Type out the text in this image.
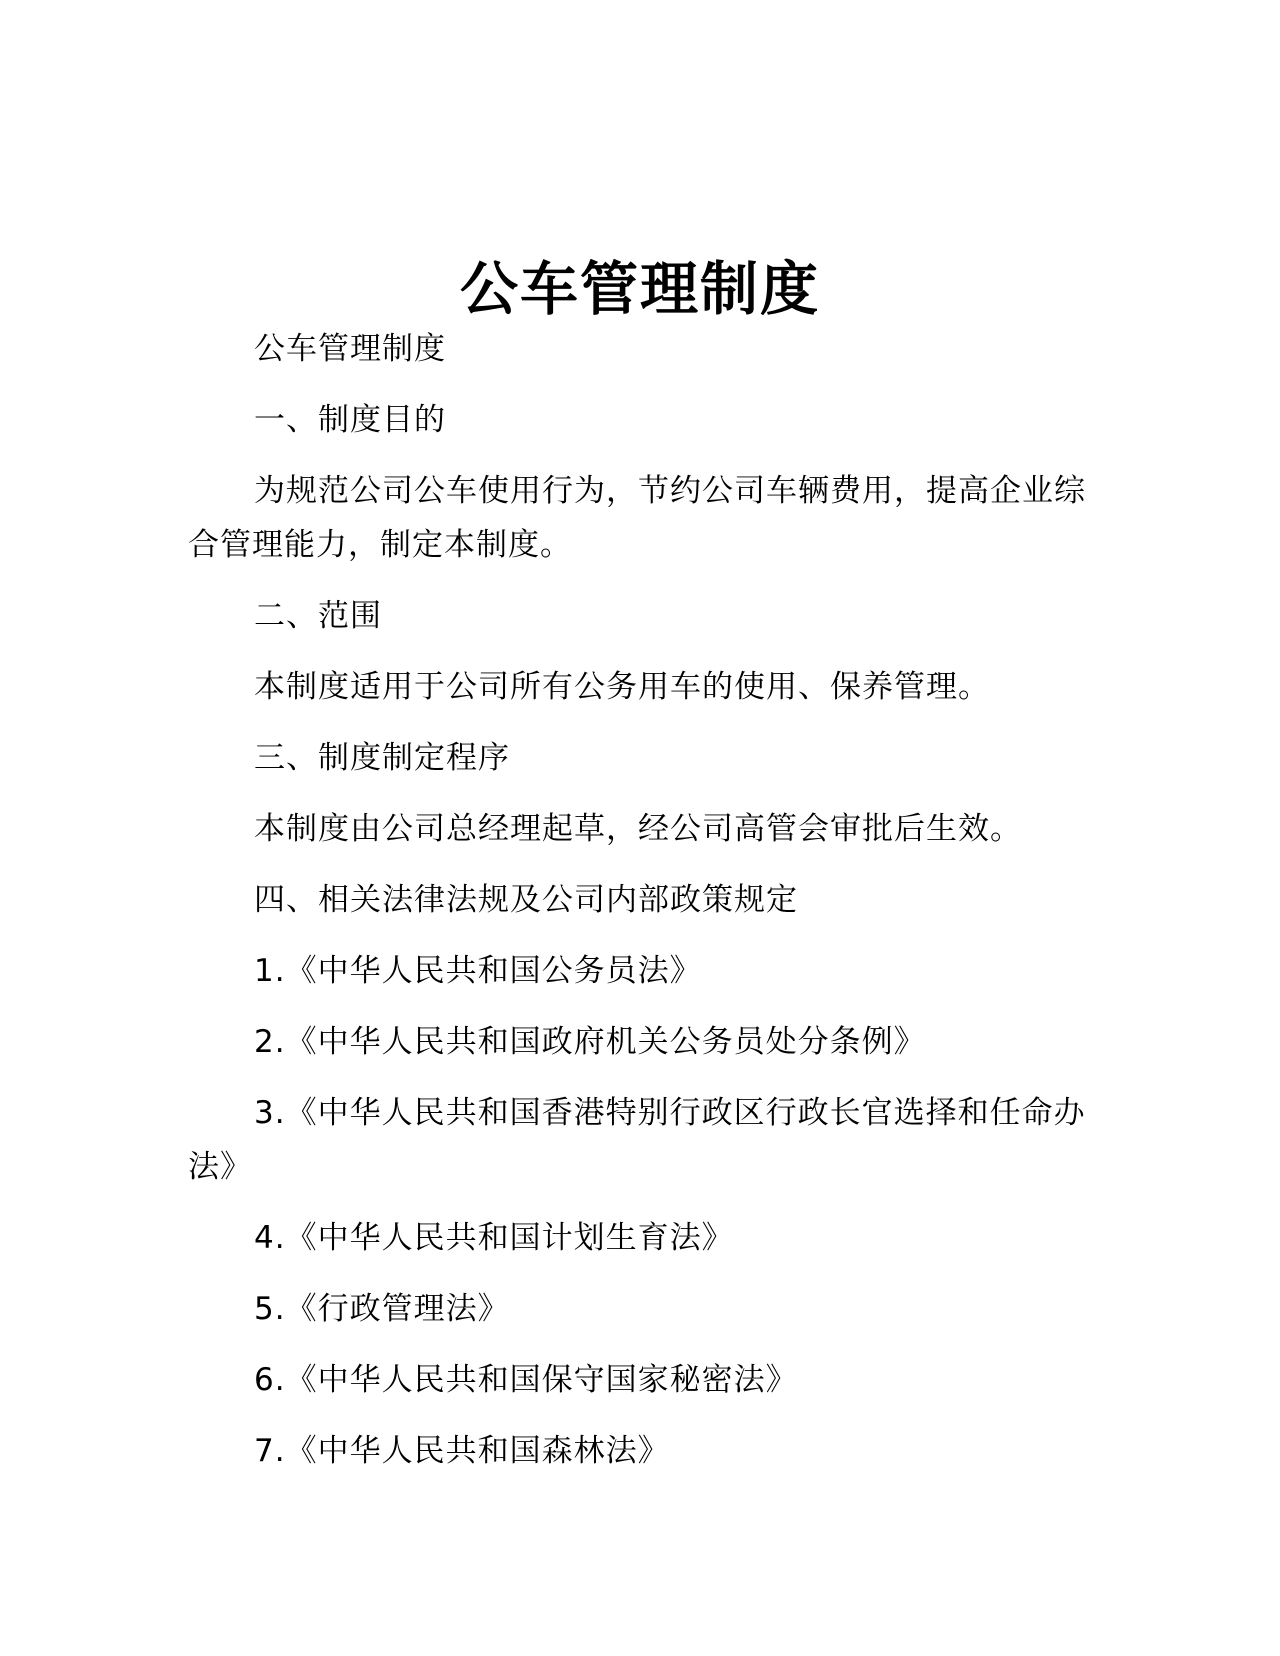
公车管理制度

公车管理制度

一、制度目的

为规范公司公车使用行为，节约公司车辆费用，提高企业综合管理能力，制定本制度。

二、范围

本制度适用于公司所有公务用车的使用、保养管理。

三、制度制定程序

本制度由公司总经理起草，经公司高管会审批后生效。

四、相关法律法规及公司内部政策规定

1.《中华人民共和国公务员法》

2.《中华人民共和国政府机关公务员处分条例》

3.《中华人民共和国香港特别行政区行政长官选择和任命办法》

4.《中华人民共和国计划生育法》

5.《行政管理法》

6.《中华人民共和国保守国家秘密法》

7.《中华人民共和国森林法》
